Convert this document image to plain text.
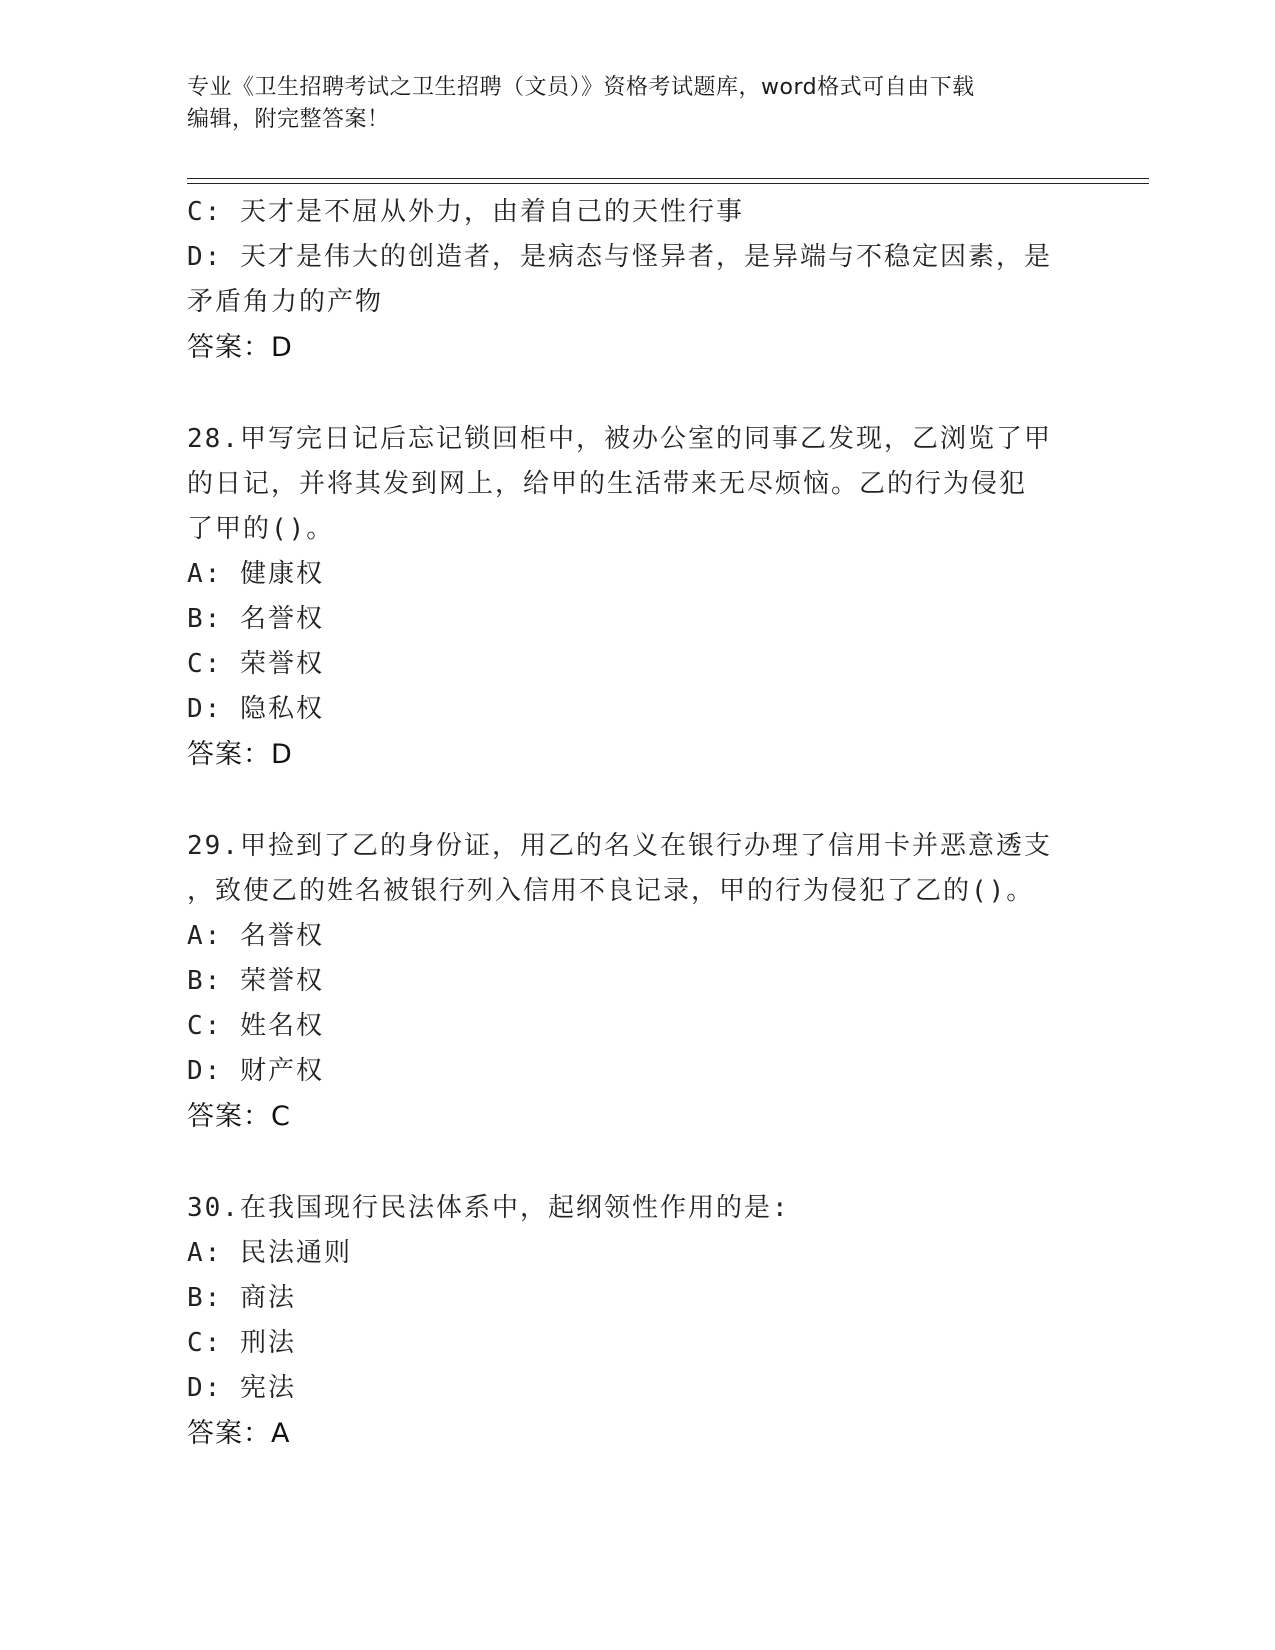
专业《卫生招聘考试之卫生招聘（文员）》资格考试题库，word格式可自由下载

编辑，附完整答案！

C: 天才是不屈从外力，由着自己的天性行事
D: 天才是伟大的创造者，是病态与怪异者，是异端与不稳定因素，是
矛盾角力的产物
答案：D
28.甲写完日记后忘记锁回柜中，被办公室的同事乙发现，乙浏览了甲
的日记，并将其发到网上，给甲的生活带来无尽烦恼。乙的行为侵犯
了甲的()。
A: 健康权
B: 名誉权
C: 荣誉权
D: 隐私权
答案：D
29.甲捡到了乙的身份证，用乙的名义在银行办理了信用卡并恶意透支
，致使乙的姓名被银行列入信用不良记录，甲的行为侵犯了乙的()。
A: 名誉权
B: 荣誉权
C: 姓名权
D: 财产权
答案：C
30.在我国现行民法体系中，起纲领性作用的是:
A: 民法通则
B: 商法
C: 刑法
D: 宪法
答案：A
